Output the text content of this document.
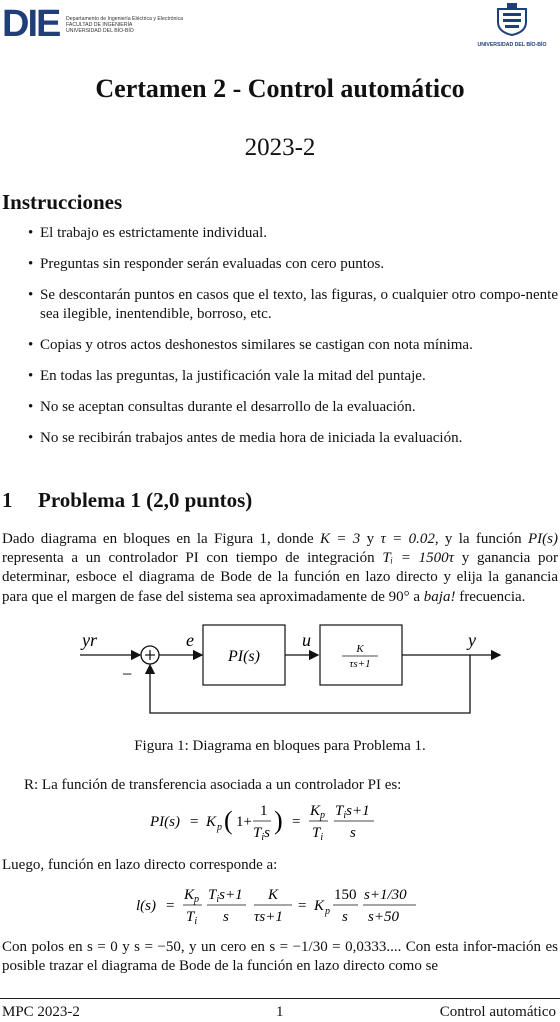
DIE Departamento de Ingeniería Eléctrica y Electrónica
FACULTAD DE INGENIERÍA
UNIVERSIDAD DEL BÍO-BÍO
UNIVERSIDAD DEL BÍO-BÍO
Certamen 2 - Control automático
2023-2
Instrucciones
• El trabajo es estrictamente individual.
• Preguntas sin responder serán evaluadas con cero puntos.
• Se descontarán puntos en casos que el texto, las figuras, o cualquier otro compo-nente sea ilegible, inentendible, borroso, etc.
• Copias y otros actos deshonestos similares se castigan con nota mínima.
• En todas las preguntas, la justificación vale la mitad del puntaje.
• No se aceptan consultas durante el desarrollo de la evaluación.
• No se recibirán trabajos antes de media hora de iniciada la evaluación.
1 Problema 1 (2,0 puntos)
Dado diagrama en bloques en la Figura 1, donde K = 3 y τ = 0.02, y la función PI(s) representa a un controlador PI con tiempo de integración Tᵢ = 1500τ y ganancia por determinar, esboce el diagrama de Bode de la función en lazo directo y elija la ganancia para que el margen de fase del sistema sea aproximadamente de 90° a baja! frecuencia.
yr	e
PI(s)
u	K
τs+1
y
−
Figura 1: Diagrama en bloques para Problema 1.
R: La función de transferencia asociada a un controlador PI es:
PI(s) = K p ( 1+
1
$T_is$ ) =
$K_p$
$T_i$
$T_is+1$
s
Luego, función en lazo directo corresponde a:
l(s) =
$K_p$
$T_i$
$T_is+1$
s
K
τs+1
= K p
150
s
s+1/30
s+50
Con polos en s = 0 y s = −50, y un cero en s = −1/30 = 0,0333.... Con esta infor-mación es posible trazar el diagrama de Bode de la función en lazo directo como se
MPC 2023-2	1	Control automático
